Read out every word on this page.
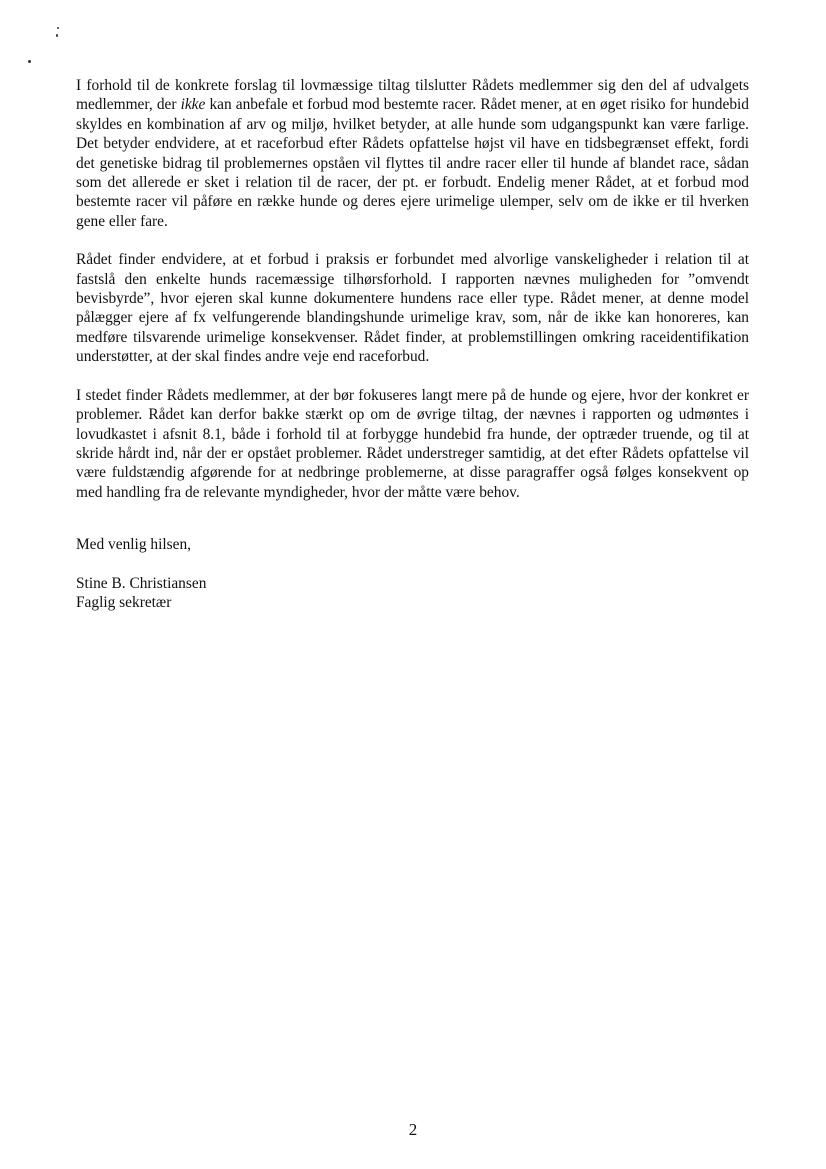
I forhold til de konkrete forslag til lovmæssige tiltag tilslutter Rådets medlemmer sig den del af udvalgets medlemmer, der ikke kan anbefale et forbud mod bestemte racer. Rådet mener, at en øget risiko for hundebid skyldes en kombination af arv og miljø, hvilket betyder, at alle hunde som udgangspunkt kan være farlige. Det betyder endvidere, at et raceforbud efter Rådets opfattelse højst vil have en tidsbegrænset effekt, fordi det genetiske bidrag til problemernes opståen vil flyttes til andre racer eller til hunde af blandet race, sådan som det allerede er sket i relation til de racer, der pt. er forbudt. Endelig mener Rådet, at et forbud mod bestemte racer vil påføre en række hunde og deres ejere urimelige ulemper, selv om de ikke er til hverken gene eller fare.

Rådet finder endvidere, at et forbud i praksis er forbundet med alvorlige vanskeligheder i relation til at fastslå den enkelte hunds racemæssige tilhørsforhold. I rapporten nævnes muligheden for ”omvendt bevisbyrde”, hvor ejeren skal kunne dokumentere hundens race eller type. Rådet mener, at denne model pålægger ejere af fx velfungerende blandingshunde urimelige krav, som, når de ikke kan honoreres, kan medføre tilsvarende urimelige konsekvenser. Rådet finder, at problemstillingen omkring raceidentifikation understøtter, at der skal findes andre veje end raceforbud.

I stedet finder Rådets medlemmer, at der bør fokuseres langt mere på de hunde og ejere, hvor der konkret er problemer. Rådet kan derfor bakke stærkt op om de øvrige tiltag, der nævnes i rapporten og udmøntes i lovudkastet i afsnit 8.1, både i forhold til at forbygge hundebid fra hunde, der optræder truende, og til at skride hårdt ind, når der er opstået problemer. Rådet understreger samtidig, at det efter Rådets opfattelse vil være fuldstændig afgørende for at nedbringe problemerne, at disse paragraffer også følges konsekvent op med handling fra de relevante myndigheder, hvor der måtte være behov.

Med venlig hilsen,

Stine B. Christiansen

Faglig sekretær

2
